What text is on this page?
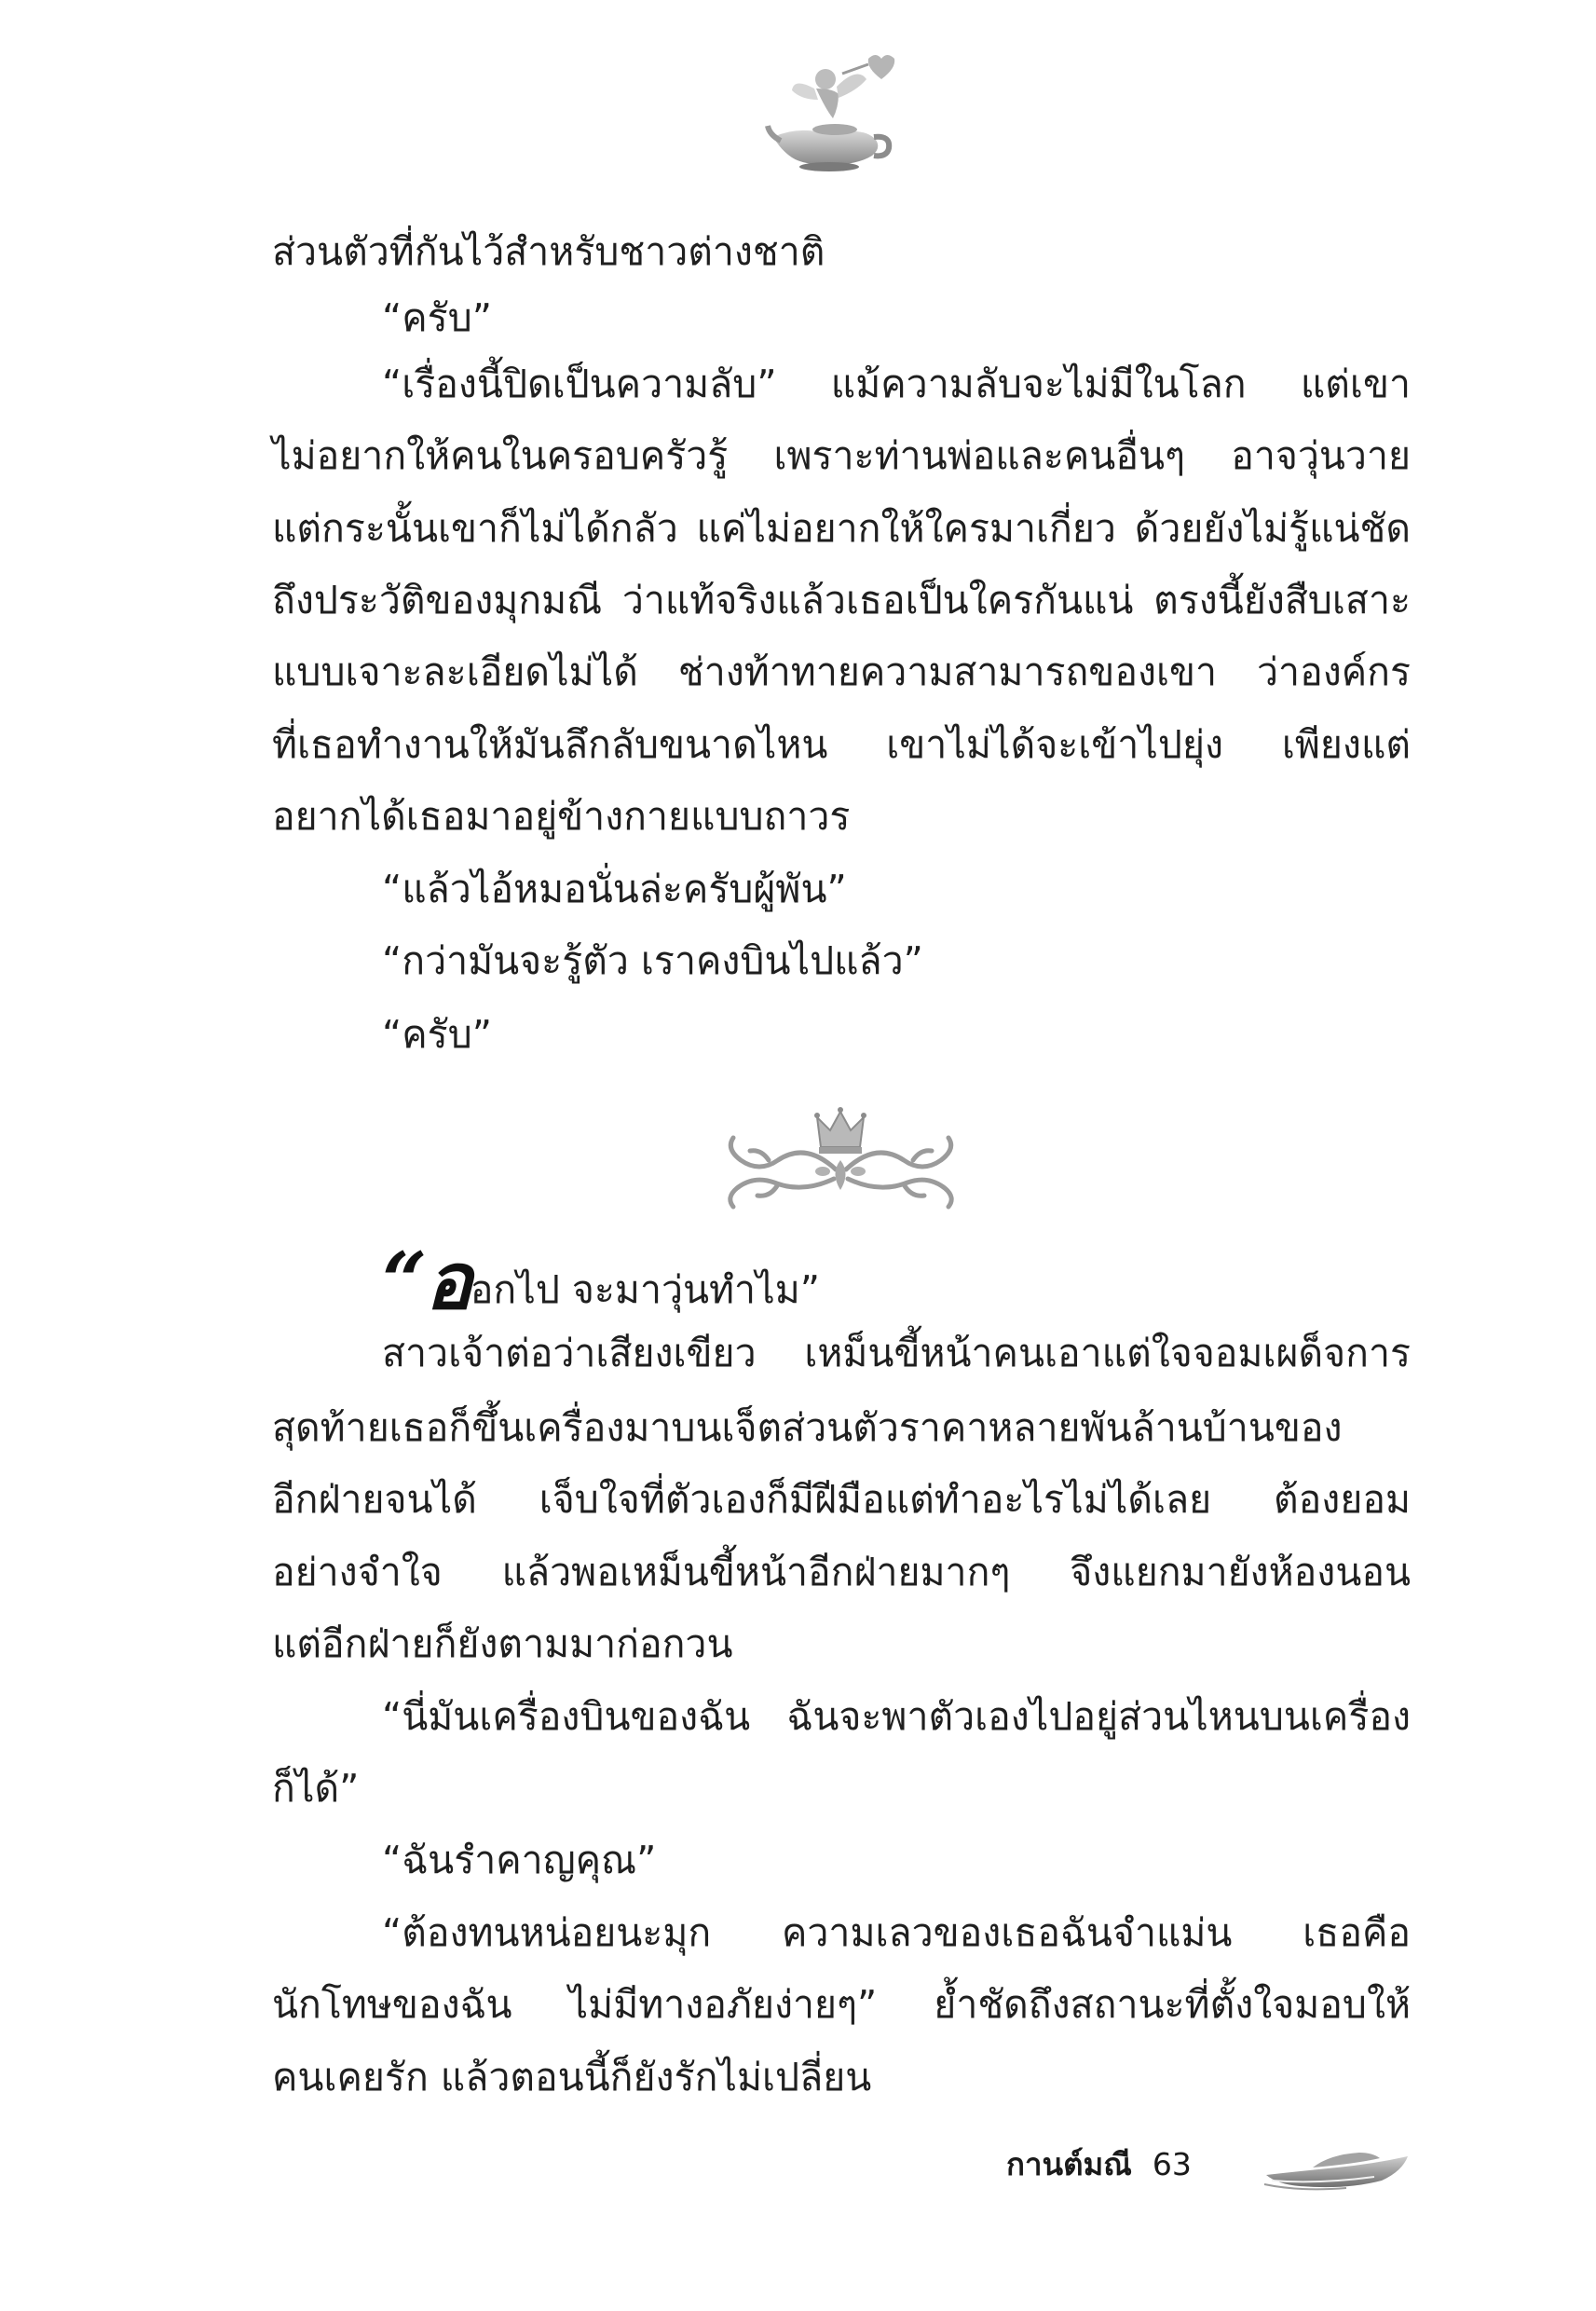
ส่วนตัวที่กันไว้สำหรับชาวต่างชาติ
“ครับ”
“เรื่องนี้ปิดเป็นความลับ” แม้ความลับจะไม่มีในโลก แต่เขา
ไม่อยากให้คนในครอบครัวรู้ เพราะท่านพ่อและคนอื่นๆ อาจวุ่นวาย
แต่กระนั้นเขาก็ไม่ได้กลัว แค่ไม่อยากให้ใครมาเกี่ยว ด้วยยังไม่รู้แน่ชัด
ถึงประวัติของมุกมณี ว่าแท้จริงแล้วเธอเป็นใครกันแน่ ตรงนี้ยังสืบเสาะ
แบบเจาะละเอียดไม่ได้ ช่างท้าทายความสามารถของเขา ว่าองค์กร
ที่เธอทำงานให้มันลึกลับขนาดไหน เขาไม่ได้จะเข้าไปยุ่ง เพียงแต่
อยากได้เธอมาอยู่ข้างกายแบบถาวร
“แล้วไอ้หมอนั่นล่ะครับผู้พัน”
“กว่ามันจะรู้ตัว เราคงบินไปแล้ว”
“ครับ”
“ออกไป จะมาวุ่นทำไม”
สาวเจ้าต่อว่าเสียงเขียว เหม็นขี้หน้าคนเอาแต่ใจจอมเผด็จการ
สุดท้ายเธอก็ขึ้นเครื่องมาบนเจ็ตส่วนตัวราคาหลายพันล้านบ้านของ
อีกฝ่ายจนได้ เจ็บใจที่ตัวเองก็มีฝีมือแต่ทำอะไรไม่ได้เลย ต้องยอม
อย่างจำใจ แล้วพอเหม็นขี้หน้าอีกฝ่ายมากๆ จึงแยกมายังห้องนอน
แต่อีกฝ่ายก็ยังตามมาก่อกวน
“นี่มันเครื่องบินของฉัน ฉันจะพาตัวเองไปอยู่ส่วนไหนบนเครื่อง
ก็ได้”
“ฉันรำคาญคุณ”
“ต้องทนหน่อยนะมุก ความเลวของเธอฉันจำแม่น เธอคือ
นักโทษของฉัน ไม่มีทางอภัยง่ายๆ” ย้ำชัดถึงสถานะที่ตั้งใจมอบให้
คนเคยรัก แล้วตอนนี้ก็ยังรักไม่เปลี่ยน
กานต์มณี 63
